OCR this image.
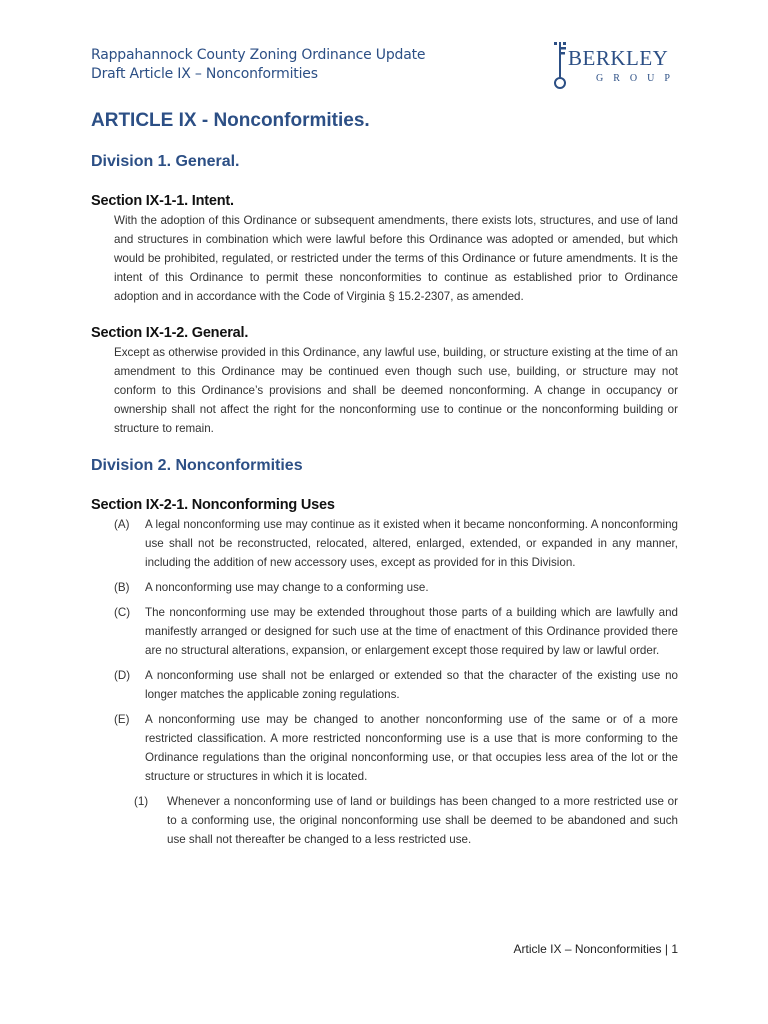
Rappahannock County Zoning Ordinance Update
Draft Article IX – Nonconformities
BERKLEY
GROUP
ARTICLE IX - Nonconformities.
Division 1. General.
Section IX-1-1. Intent.

With the adoption of this Ordinance or subsequent amendments, there exists lots, structures, and use of land and structures in combination which were lawful before this Ordinance was adopted or amended, but which would be prohibited, regulated, or restricted under the terms of this Ordinance or future amendments. It is the intent of this Ordinance to permit these nonconformities to continue as established prior to Ordinance adoption and in accordance with the Code of Virginia § 15.2-2307, as amended.

Section IX-1-2. General.

Except as otherwise provided in this Ordinance, any lawful use, building, or structure existing at the time of an amendment to this Ordinance may be continued even though such use, building, or structure may not conform to this Ordinance’s provisions and shall be deemed nonconforming. A change in occupancy or ownership shall not affect the right for the nonconforming use to continue or the nonconforming building or structure to remain.

Division 2. Nonconformities
Section IX-2-1. Nonconforming Uses
(A)	A legal nonconforming use may continue as it existed when it became nonconforming. A nonconforming use shall not be reconstructed, relocated, altered, enlarged, extended, or expanded in any manner, including the addition of new accessory uses, except as provided for in this Division.
(B)	A nonconforming use may change to a conforming use.
(C)	The nonconforming use may be extended throughout those parts of a building which are lawfully and manifestly arranged or designed for such use at the time of enactment of this Ordinance provided there are no structural alterations, expansion, or enlargement except those required by law or lawful order.
(D)	A nonconforming use shall not be enlarged or extended so that the character of the existing use no longer matches the applicable zoning regulations.
(E)	A nonconforming use may be changed to another nonconforming use of the same or of a more restricted classification. A more restricted nonconforming use is a use that is more conforming to the Ordinance regulations than the original nonconforming use, or that occupies less area of the lot or the structure or structures in which it is located.
(1)	Whenever a nonconforming use of land or buildings has been changed to a more restricted use or to a conforming use, the original nonconforming use shall be deemed to be abandoned and such use shall not thereafter be changed to a less restricted use.
Article IX – Nonconformities | 1
